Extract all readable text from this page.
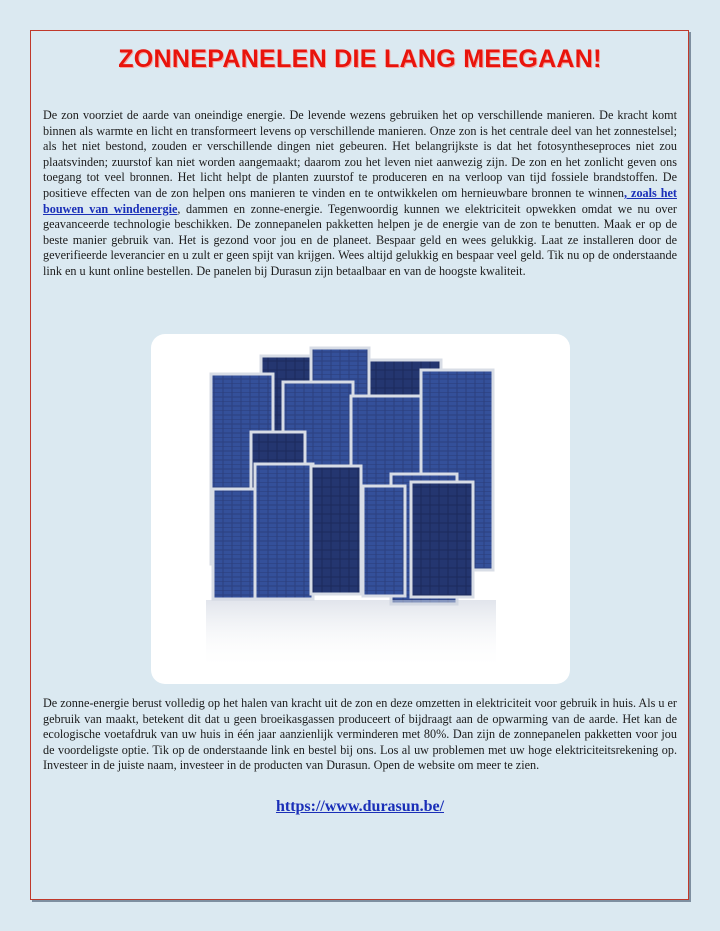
ZONNEPANELEN DIE LANG MEEGAAN!
De zon voorziet de aarde van oneindige energie. De levende wezens gebruiken het op verschillende manieren. De kracht komt binnen als warmte en licht en transformeert levens op verschillende manieren. Onze zon is het centrale deel van het zonnestelsel; als het niet bestond, zouden er verschillende dingen niet gebeuren. Het belangrijkste is dat het fotosyntheseproces niet zou plaatsvinden; zuurstof kan niet worden aangemaakt; daarom zou het leven niet aanwezig zijn. De zon en het zonlicht geven ons toegang tot veel bronnen. Het licht helpt de planten zuurstof te produceren en na verloop van tijd fossiele brandstoffen. De positieve effecten van de zon helpen ons manieren te vinden en te ontwikkelen om hernieuwbare bronnen te winnen, zoals het bouwen van windenergie, dammen en zonne-energie. Tegenwoordig kunnen we elektriciteit opwekken omdat we nu over geavanceerde technologie beschikken. De zonnepanelen pakketten helpen je de energie van de zon te benutten. Maak er op de beste manier gebruik van. Het is gezond voor jou en de planeet. Bespaar geld en wees gelukkig. Laat ze installeren door de geverifieerde leverancier en u zult er geen spijt van krijgen. Wees altijd gelukkig en bespaar veel geld. Tik nu op de onderstaande link en u kunt online bestellen. De panelen bij Durasun zijn betaalbaar en van de hoogste kwaliteit.
De zonne-energie berust volledig op het halen van kracht uit de zon en deze omzetten in elektriciteit voor gebruik in huis. Als u er gebruik van maakt, betekent dit dat u geen broeikasgassen produceert of bijdraagt aan de opwarming van de aarde. Het kan de ecologische voetafdruk van uw huis in één jaar aanzienlijk verminderen met 80%. Dan zijn de zonnepanelen pakketten voor jou de voordeligste optie. Tik op de onderstaande link en bestel bij ons. Los al uw problemen met uw hoge elektriciteitsrekening op. Investeer in de juiste naam, investeer in de producten van Durasun. Open de website om meer te zien.
https://www.durasun.be/
